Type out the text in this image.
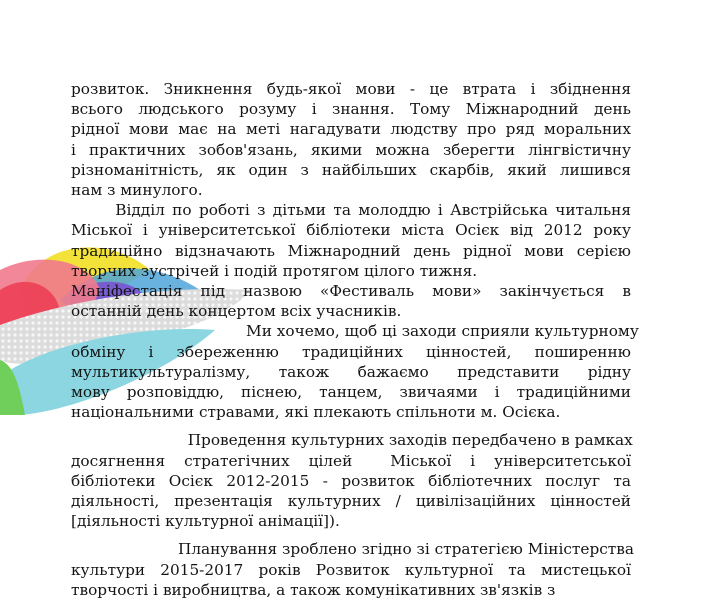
розвиток. Зникнення будь-якої мови - це втрата і збіднення
всього людського розуму і знання. Тому Міжнародний день
рідної мови має на меті нагадувати людству про ряд моральних
і практичних зобов'язань, якими можна зберегти лінгвістичну
різноманітність, як один з найбільших скарбів, який лишився
нам з минулого.

Відділ по роботі з дітьми та молоддю і Австрійська читальня
Міської і університетської бібліотеки міста Осієк від 2012 року
традиційно відзначають Міжнародний день рідної мови серією
творчих зустрічей і подій протягом цілого тижня.

Маніфестація під назвою «Фестиваль мови» закінчується в
останній день концертом всіх учасників.

Ми хочемо, щоб ці заходи сприяли культурному
обміну і збереженню традиційних цінностей, поширенню
мультикультуралізму, також бажаємо представити рідну
мову розповіддю, піснею, танцем, звичаями і традиційними
національними стравами, які плекають спільноти м. Осієка.

Проведення культурних заходів передбачено в рамках
досягнення стратегічних цілей  Міської і університетської
бібліотеки Осієк 2012-2015 - розвиток бібліотечних послуг та
діяльності, презентація культурних / цивілізаційних цінностей
[діяльності культурної анімації]).

Планування зроблено згідно зі стратегією Міністерства
культури 2015-2017 років Розвиток культурної та мистецької
творчості і виробництва, а також комунікативних зв'язків з
